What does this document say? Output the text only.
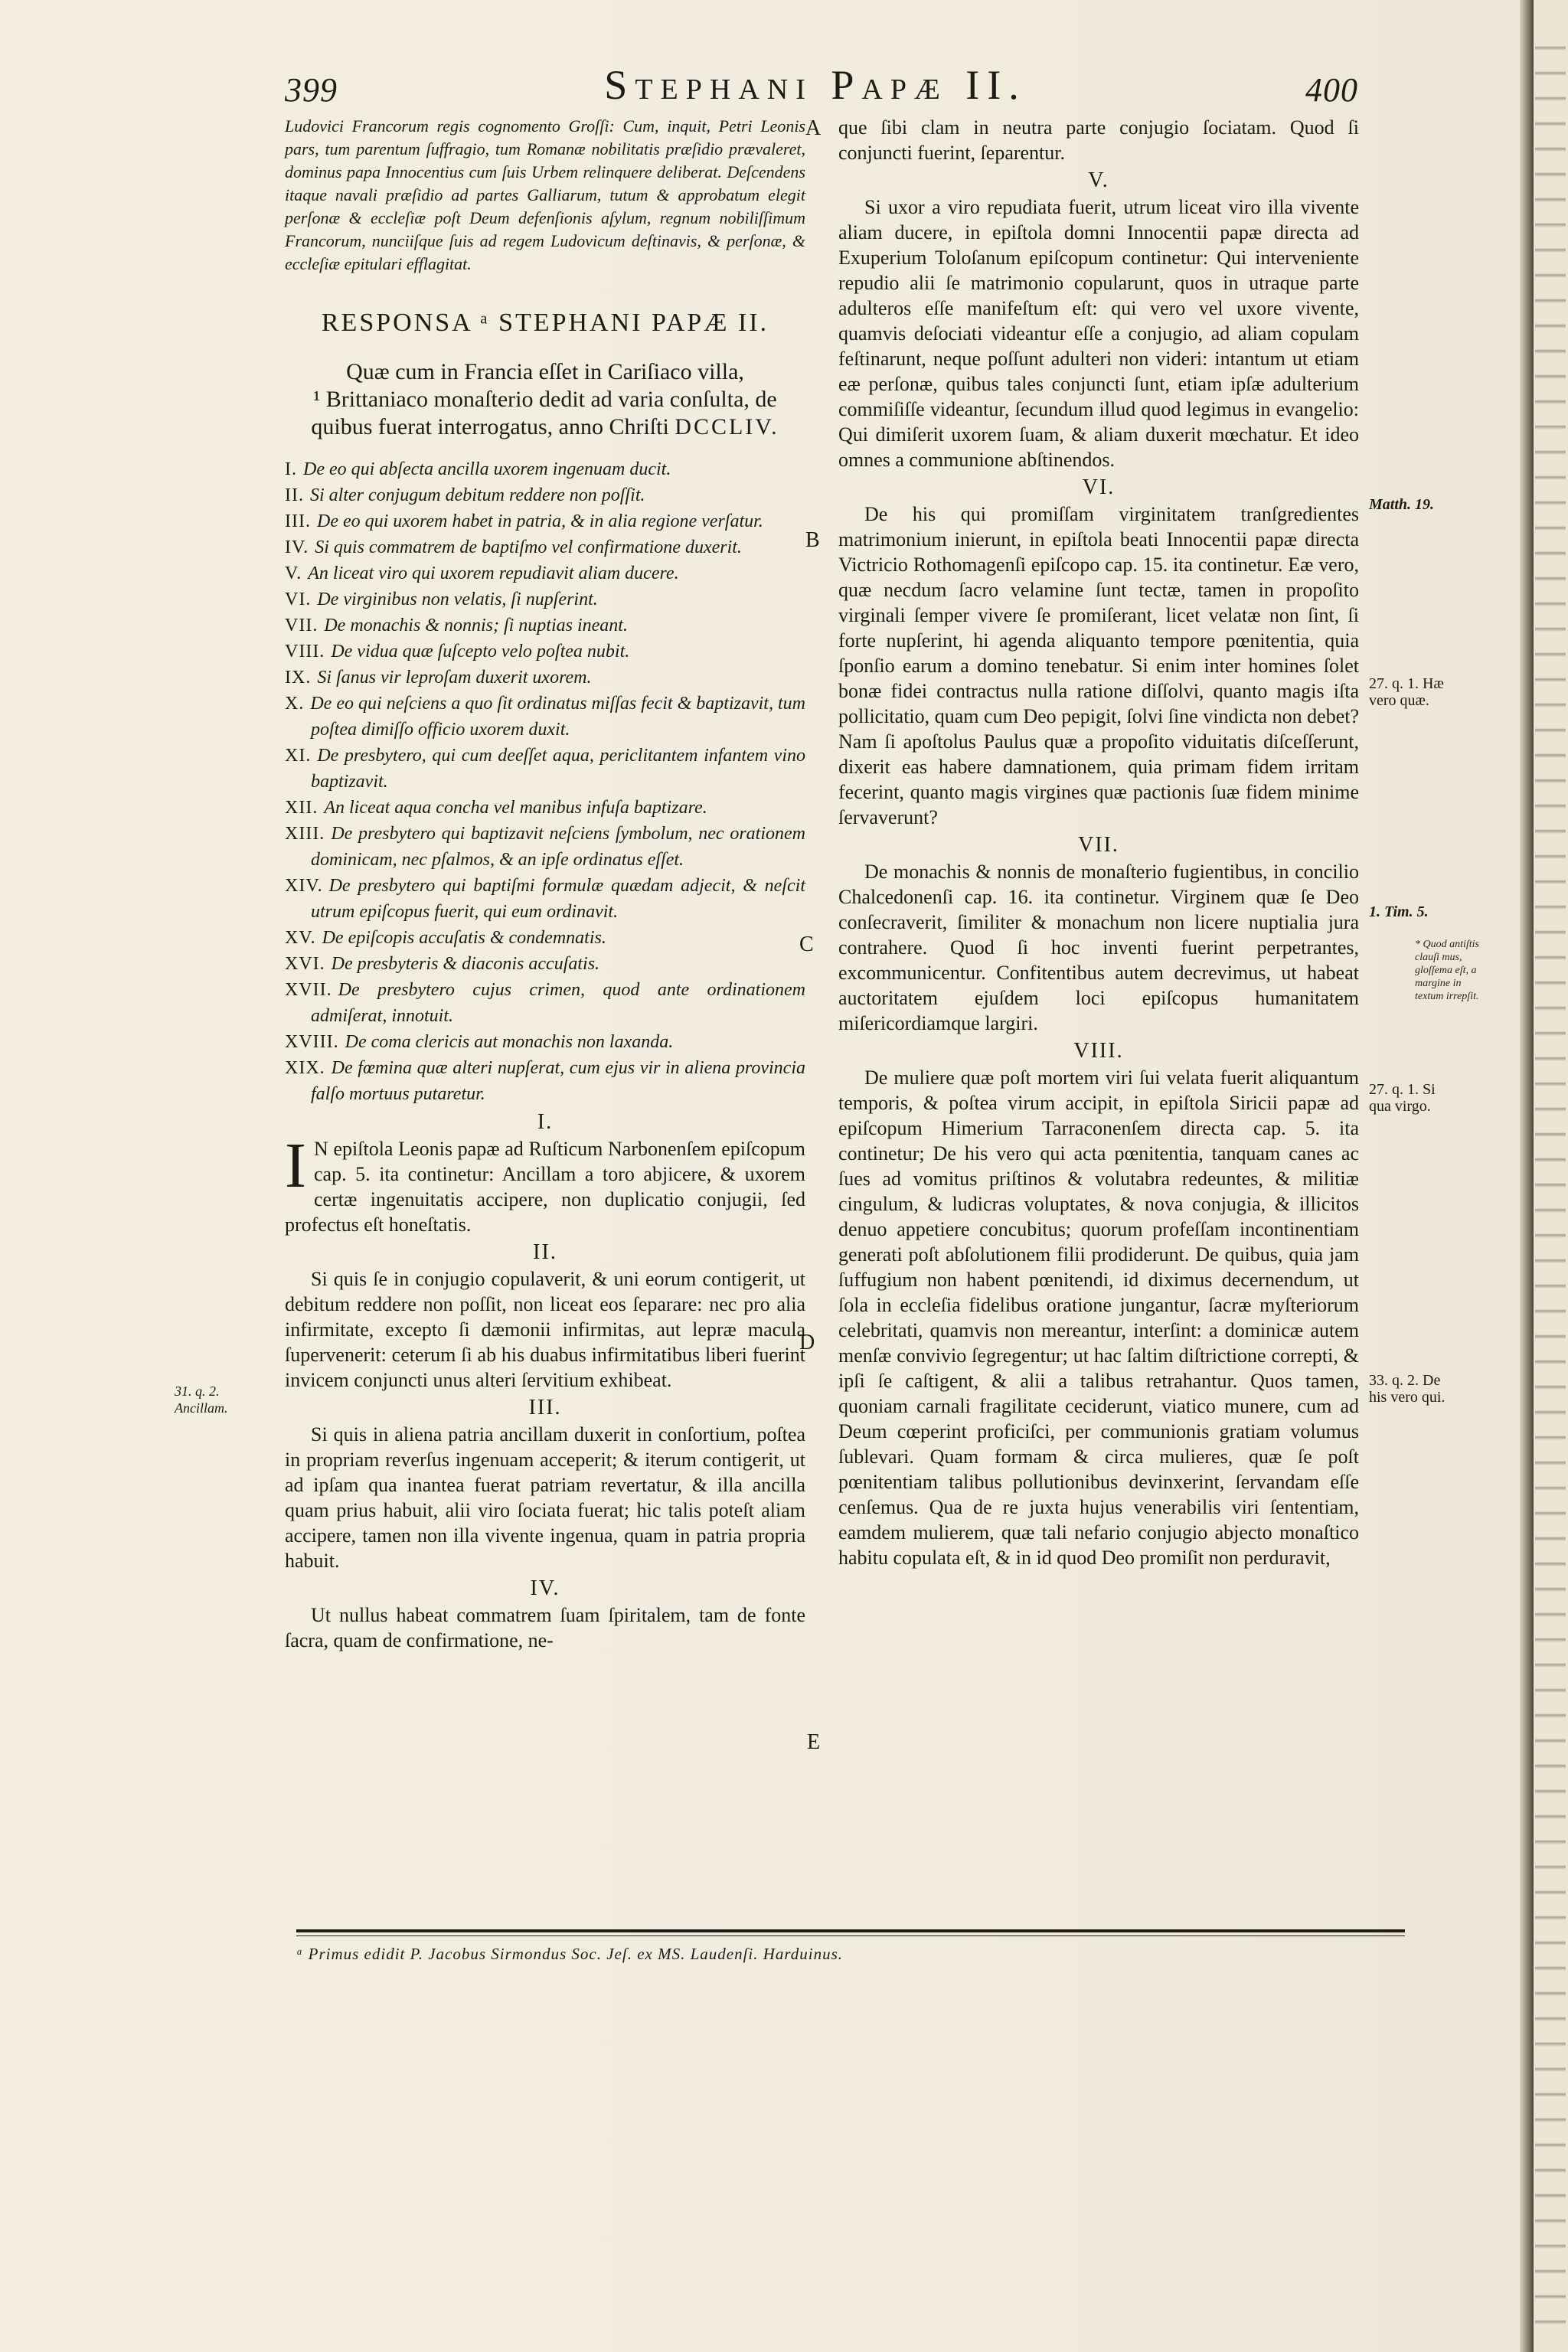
399	Stephani Papæ II.	400

Ludovici Francorum regis cognomento Groſſi: Cum, inquit, Petri Leonis pars, tum parentum ſuffragio, tum Romanæ nobilitatis præſidio prævaleret, dominus papa Innocentius cum ſuis Urbem relinquere deliberat. Deſcendens itaque navali præſidio ad partes Galliarum, tutum & approbatum elegit perſonæ & eccleſiæ poſt Deum defenſionis aſylum, regnum nobiliſſimum Francorum, nunciiſque ſuis ad regem Ludovicum deſtinavis, & perſonæ, & eccleſiæ epitulari efflagitat.

RESPONSA ᵃ STEPHANI PAPÆ II.
Quæ cum in Francia eſſet in Cariſiaco villa,
¹ Brittaniaco monaſterio dedit ad varia conſulta, de quibus fuerat interrogatus, anno Chriſti DCCLIV.
I. De eo qui abſecta ancilla uxorem ingenuam ducit.
II. Si alter conjugum debitum reddere non poſſit.
III. De eo qui uxorem habet in patria, & in alia regione verſatur.
IV. Si quis commatrem de baptiſmo vel confirmatione duxerit.
V. An liceat viro qui uxorem repudiavit aliam ducere.
VI. De virginibus non velatis, ſi nupſerint.
VII. De monachis & nonnis; ſi nuptias ineant.
VIII. De vidua quæ ſuſcepto velo poſtea nubit.
IX. Si ſanus vir leproſam duxerit uxorem.
X. De eo qui neſciens a quo ſit ordinatus miſſas fecit & baptizavit, tum poſtea dimiſſo officio uxorem duxit.
XI. De presbytero, qui cum deeſſet aqua, periclitantem infantem vino baptizavit.
XII. An liceat aqua concha vel manibus infuſa baptizare.
XIII. De presbytero qui baptizavit neſciens ſymbolum, nec orationem dominicam, nec pſalmos, & an ipſe ordinatus eſſet.
XIV. De presbytero qui baptiſmi formulæ quædam adjecit, & neſcit utrum epiſcopus fuerit, qui eum ordinavit.
XV. De epiſcopis accuſatis & condemnatis.
XVI. De presbyteris & diaconis accuſatis.
XVII. De presbytero cujus crimen, quod ante ordinationem admiſerat, innotuit.
XVIII. De coma clericis aut monachis non laxanda.
XIX. De fœmina quæ alteri nupſerat, cum ejus vir in aliena provincia falſo mortuus putaretur.
I.

I N epiſtola Leonis papæ ad Ruſticum Narbonenſem epiſcopum cap. 5. ita continetur: Ancillam a toro abjicere, & uxorem certæ ingenuitatis accipere, non duplicatio conjugii, ſed profectus eſt honeſtatis.

II.

Si quis ſe in conjugio copulaverit, & uni eorum contigerit, ut debitum reddere non poſſit, non liceat eos ſeparare: nec pro alia infirmitate, excepto ſi dæmonii infirmitas, aut lepræ macula ſupervenerit: ceterum ſi ab his duabus infirmitatibus liberi fuerint invicem conjuncti unus alteri ſervitium exhibeat.

III.

Si quis in aliena patria ancillam duxerit in conſortium, poſtea in propriam reverſus ingenuam acceperit; & iterum contigerit, ut ad ipſam qua inantea fuerat patriam revertatur, & illa ancilla quam prius habuit, alii viro ſociata fuerat; hic talis poteſt aliam accipere, tamen non illa vivente ingenua, quam in patria propria habuit.

IV.

Ut nullus habeat commatrem ſuam ſpiritalem, tam de fonte ſacra, quam de confirmatione, ne-

31. q. 2. Ancillam.
A
B
C
D
E

que ſibi clam in neutra parte conjugio ſociatam. Quod ſi conjuncti fuerint, ſeparentur.

V.

Si uxor a viro repudiata fuerit, utrum liceat viro illa vivente aliam ducere, in epiſtola domni Innocentii papæ directa ad Exuperium Toloſanum epiſcopum continetur: Qui interveniente repudio alii ſe matrimonio copularunt, quos in utraque parte adulteros eſſe manifeſtum eſt: qui vero vel uxore vivente, quamvis deſociati videantur eſſe a conjugio, ad aliam copulam feſtinarunt, neque poſſunt adulteri non videri: intantum ut etiam eæ perſonæ, quibus tales conjuncti ſunt, etiam ipſæ adulterium commiſiſſe videantur, ſecundum illud quod legimus in evangelio: Qui dimiſerit uxorem ſuam, & aliam duxerit mœchatur. Et ideo omnes a communione abſtinendos.

VI.

De his qui promiſſam virginitatem tranſgredientes matrimonium inierunt, in epiſtola beati Innocentii papæ directa Victricio Rothomagenſi epiſcopo cap. 15. ita continetur. Eæ vero, quæ necdum ſacro velamine ſunt tectæ, tamen in propoſito virginali ſemper vivere ſe promiſerant, licet velatæ non ſint, ſi forte nupſerint, hi agenda aliquanto tempore pœnitentia, quia ſponſio earum a domino tenebatur. Si enim inter homines ſolet bonæ fidei contractus nulla ratione diſſolvi, quanto magis iſta pollicitatio, quam cum Deo pepigit, ſolvi ſine vindicta non debet? Nam ſi apoſtolus Paulus quæ a propoſito viduitatis diſceſſerunt, dixerit eas habere damnationem, quia primam fidem irritam fecerint, quanto magis virgines quæ pactionis ſuæ fidem minime ſervaverunt?

VII.

De monachis & nonnis de monaſterio fugientibus, in concilio Chalcedonenſi cap. 16. ita continetur. Virginem quæ ſe Deo conſecraverit, ſimiliter & monachum non licere nuptialia jura contrahere. Quod ſi hoc inventi fuerint perpetrantes, excommunicentur. Confitentibus autem decrevimus, ut habeat auctoritatem ejuſdem loci epiſcopus humanitatem miſericordiamque largiri.

VIII.

De muliere quæ poſt mortem viri ſui velata fuerit aliquantum temporis, & poſtea virum accipit, in epiſtola Siricii papæ ad epiſcopum Himerium Tarraconenſem directa cap. 5. ita continetur; De his vero qui acta pœnitentia, tanquam canes ac ſues ad vomitus priſtinos & volutabra redeuntes, & militiæ cingulum, & ludicras voluptates, & nova conjugia, & illicitos denuo appetiere concubitus; quorum profeſſam incontinentiam generati poſt abſolutionem filii prodiderunt. De quibus, quia jam ſuffugium non habent pœnitendi, id diximus decernendum, ut ſola in eccleſia fidelibus oratione jungantur, ſacræ myſteriorum celebritati, quamvis non mereantur, interſint: a dominicæ autem menſæ convivio ſegregentur; ut hac ſaltim diſtrictione correpti, & ipſi ſe caſtigent, & alii a talibus retrahantur. Quos tamen, quoniam carnali fragilitate ceciderunt, viatico munere, cum ad Deum cœperint proficiſci, per communionis gratiam volumus ſublevari. Quam formam & circa mulieres, quæ ſe poſt pœnitentiam talibus pollutionibus devinxerint, ſervandam eſſe cenſemus. Qua de re juxta hujus venerabilis viri ſententiam, eamdem mulierem, quæ tali nefario conjugio abjecto monaſtico habitu copulata eſt, & in id quod Deo promiſit non perduravit,

Matth. 19.
27. q. 1. Hæ vero quæ.
1. Tim. 5.
27. q. 1. Si qua virgo.
33. q. 2. De his vero qui.
* Quod antiſtis clauſi mus, gloſſema eſt, a margine in textum irrepſit.
ᵃ Primus edidit P. Jacobus Sirmondus Soc. Jeſ. ex MS. Laudenſi. Harduinus.
